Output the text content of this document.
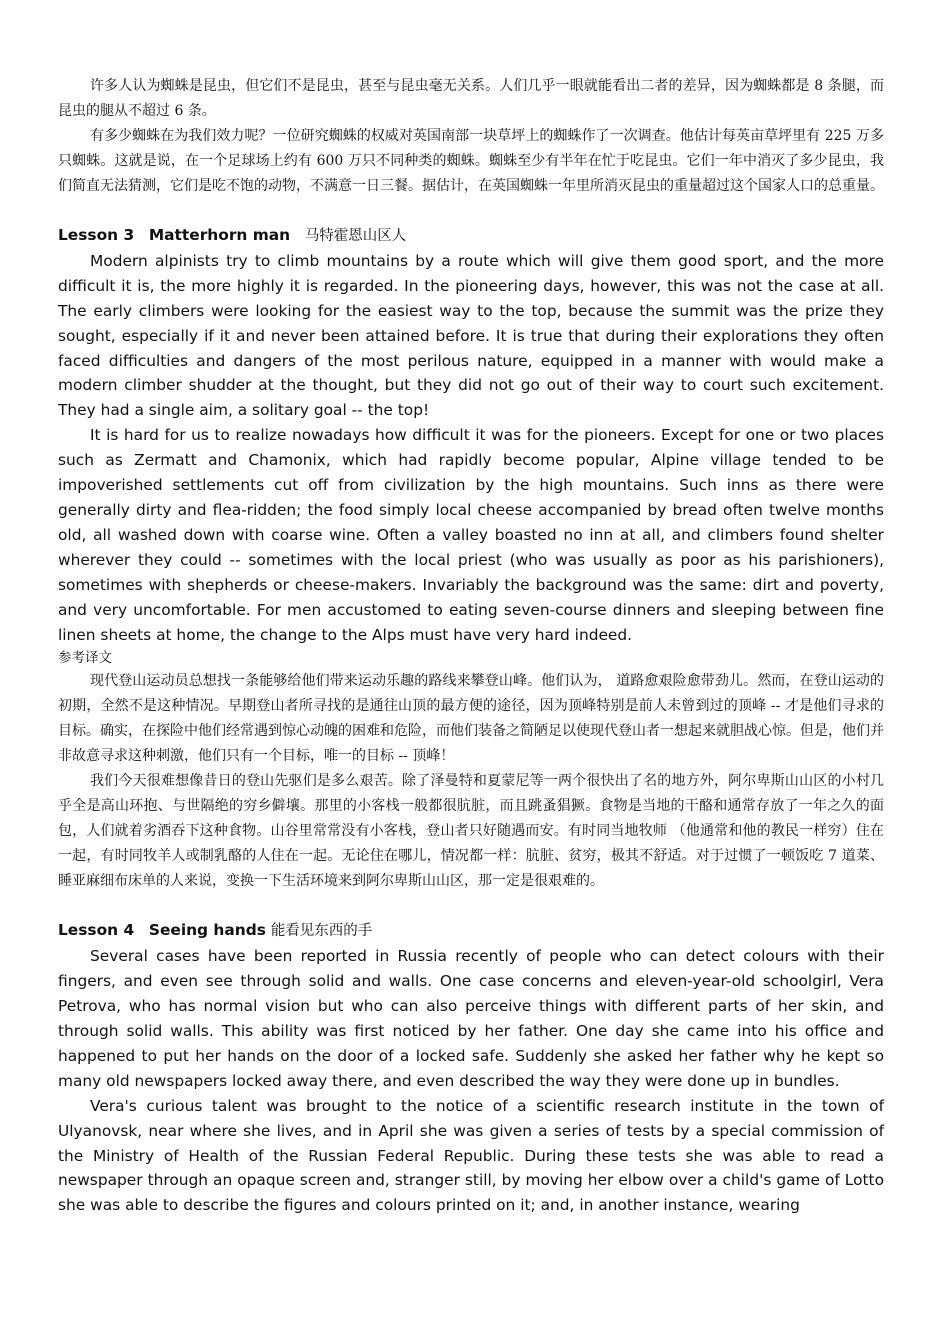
许多人认为蜘蛛是昆虫，但它们不是昆虫，甚至与昆虫毫无关系。人们几乎一眼就能看出二者的差异，因为蜘蛛都是 8 条腿，而昆虫的腿从不超过 6 条。

有多少蜘蛛在为我们效力呢？一位研究蜘蛛的权威对英国南部一块草坪上的蜘蛛作了一次调查。他估计每英亩草坪里有 225 万多只蜘蛛。这就是说，在一个足球场上约有 600 万只不同种类的蜘蛛。蜘蛛至少有半年在忙于吃昆虫。它们一年中消灭了多少昆虫，我们简直无法猜测，它们是吃不饱的动物，不满意一日三餐。据估计，在英国蜘蛛一年里所消灭昆虫的重量超过这个国家人口的总重量。

Lesson 3 Matterhorn man 马特霍恩山区人

Modern alpinists try to climb mountains by a route which will give them good sport, and the more difficult it is, the more highly it is regarded. In the pioneering days, however, this was not the case at all. The early climbers were looking for the easiest way to the top, because the summit was the prize they sought, especially if it and never been attained before. It is true that during their explorations they often faced difficulties and dangers of the most perilous nature, equipped in a manner with would make a modern climber shudder at the thought, but they did not go out of their way to court such excitement. They had a single aim, a solitary goal -- the top!

It is hard for us to realize nowadays how difficult it was for the pioneers. Except for one or two places such as Zermatt and Chamonix, which had rapidly become popular, Alpine village tended to be impoverished settlements cut off from civilization by the high mountains. Such inns as there were generally dirty and flea-ridden; the food simply local cheese accompanied by bread often twelve months old, all washed down with coarse wine. Often a valley boasted no inn at all, and climbers found shelter wherever they could -- sometimes with the local priest (who was usually as poor as his parishioners), sometimes with shepherds or cheese-makers. Invariably the background was the same: dirt and poverty, and very uncomfortable. For men accustomed to eating seven-course dinners and sleeping between fine linen sheets at home, the change to the Alps must have very hard indeed.

参考译文

现代登山运动员总想找一条能够给他们带来运动乐趣的路线来攀登山峰。他们认为， 道路愈艰险愈带劲儿。然而，在登山运动的初期，全然不是这种情况。早期登山者所寻找的是通往山顶的最方便的途径，因为顶峰特别是前人未曾到过的顶峰 -- 才是他们寻求的目标。确实，在探险中他们经常遇到惊心动魄的困难和危险，而他们装备之简陋足以使现代登山者一想起来就胆战心惊。但是，他们并非故意寻求这种刺激，他们只有一个目标，唯一的目标 -- 顶峰！

我们今天很难想像昔日的登山先驱们是多么艰苦。除了泽曼特和夏蒙尼等一两个很快出了名的地方外，阿尔卑斯山山区的小村几乎全是高山环抱、与世隔绝的穷乡僻壤。那里的小客栈一般都很肮脏，而且跳蚤猖獗。食物是当地的干酪和通常存放了一年之久的面包，人们就着劣酒吞下这种食物。山谷里常常没有小客栈，登山者只好随遇而安。有时同当地牧师 （他通常和他的教民一样穷）住在一起，有时同牧羊人或制乳酪的人住在一起。无论住在哪儿，情况都一样：肮脏、贫穷，极其不舒适。对于过惯了一顿饭吃 7 道菜、睡亚麻细布床单的人来说，变换一下生活环境来到阿尔卑斯山山区，那一定是很艰难的。

Lesson 4 Seeing hands 能看见东西的手

Several cases have been reported in Russia recently of people who can detect colours with their fingers, and even see through solid and walls. One case concerns and eleven-year-old schoolgirl, Vera Petrova, who has normal vision but who can also perceive things with different parts of her skin, and through solid walls. This ability was first noticed by her father. One day she came into his office and happened to put her hands on the door of a locked safe. Suddenly she asked her father why he kept so many old newspapers locked away there, and even described the way they were done up in bundles.

Vera's curious talent was brought to the notice of a scientific research institute in the town of Ulyanovsk, near where she lives, and in April she was given a series of tests by a special commission of the Ministry of Health of the Russian Federal Republic. During these tests she was able to read a newspaper through an opaque screen and, stranger still, by moving her elbow over a child's game of Lotto she was able to describe the figures and colours printed on it; and, in another instance, wearing
